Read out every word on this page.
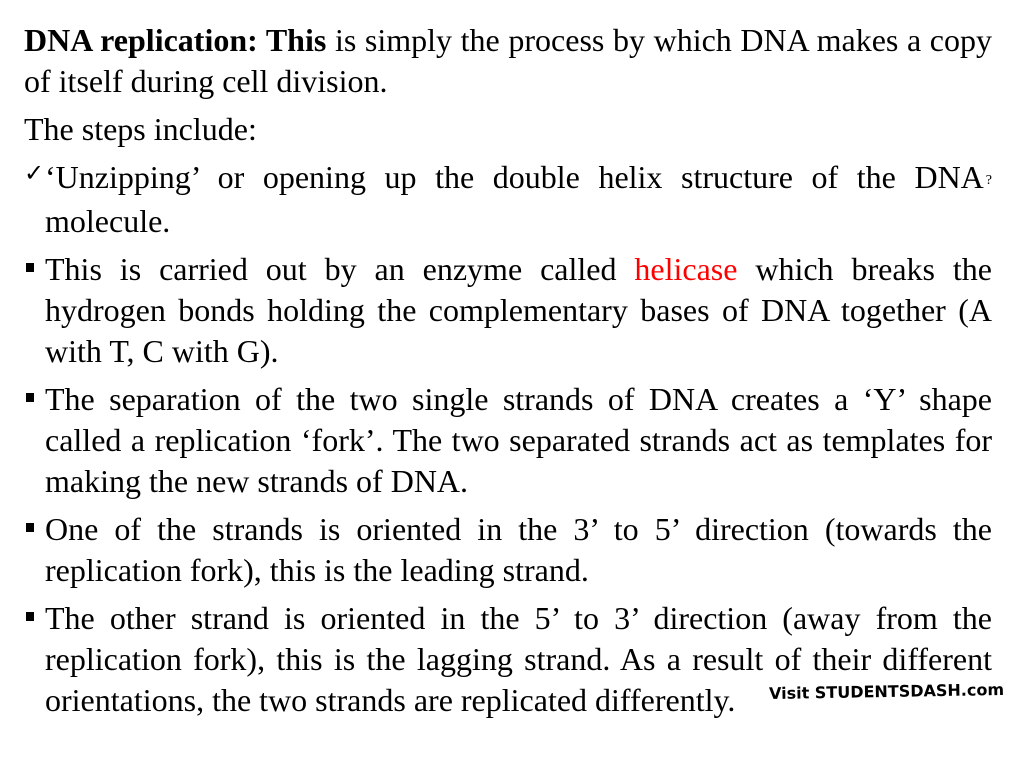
DNA replication: This is simply the process by which DNA makes a copy of itself during cell division.

The steps include:

✓ ‘Unzipping’ or opening up the double helix structure of the DNA ? molecule.
This is carried out by an enzyme called helicase which breaks the hydrogen bonds holding the complementary bases of DNA together (A with T, C with G).
The separation of the two single strands of DNA creates a ‘Y’ shape called a replication ‘fork’. The two separated strands act as templates for making the new strands of DNA.
One of the strands is oriented in the 3’ to 5’ direction (towards the replication fork), this is the leading strand.
The other strand is oriented in the 5’ to 3’ direction (away from the replication fork), this is the lagging strand. As a result of their different orientations, the two strands are replicated differently.	Visit STUDENTSDASH.com
